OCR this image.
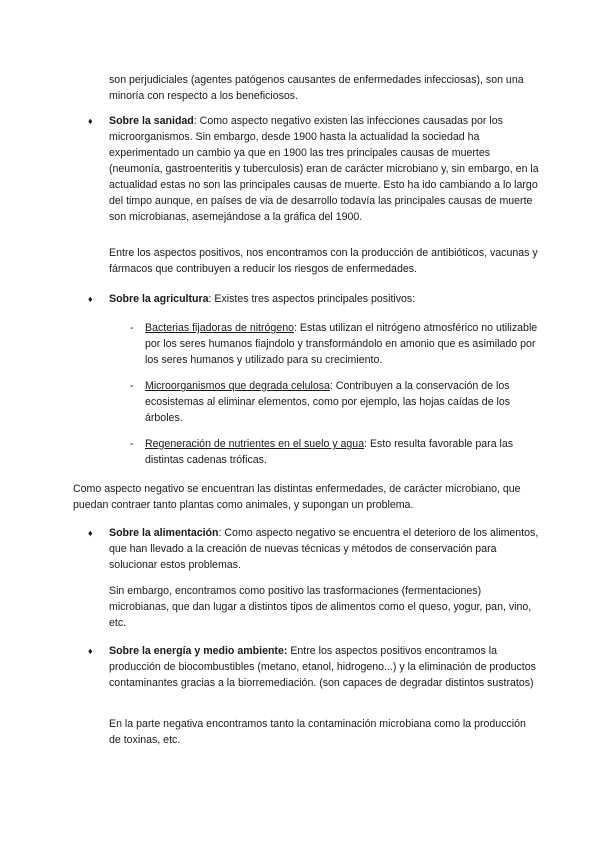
son perjudiciales (agentes patógenos causantes de enfermedades infecciosas), son una minoría con respecto a los beneficiosos.

♦ Sobre la sanidad: Como aspecto negativo existen las infecciones causadas por los microorganismos. Sin embargo, desde 1900 hasta la actualidad la sociedad ha experimentado un cambio ya que en 1900 las tres principales causas de muertes (neumonía, gastroenteritis y tuberculosis) eran de carácter microbiano y, sin embargo, en la actualidad estas no son las principales causas de muerte. Esto ha ido cambiando a lo largo del timpo aunque, en países de via de desarrollo todavía las principales causas de muerte son microbianas, asemejándose a la gráfica del 1900.

Entre los aspectos positivos, nos encontramos con la producción de antibióticos, vacunas y fármacos que contribuyen a reducir los riesgos de enfermedades.

♦ Sobre la agricultura: Existes tres aspectos principales positivos:

- Bacterias fijadoras de nitrógeno: Estas utilizan el nitrógeno atmosférico no utilizable por los seres humanos fiajndolo y transformándolo en amonio que es asimilado por los seres humanos y utilizado para su crecimiento.

- Microorganismos que degrada celulosa: Contribuyen a la conservación de los ecosistemas al eliminar elementos, como por ejemplo, las hojas caídas de los árboles.

- Regeneración de nutrientes en el suelo y agua: Esto resulta favorable para las distintas cadenas tróficas.

Como aspecto negativo se encuentran las distintas enfermedades, de carácter microbiano, que puedan contraer tanto plantas como animales, y supongan un problema.

♦ Sobre la alimentación: Como aspecto negativo se encuentra el deterioro de los alimentos, que han llevado a la creación de nuevas técnicas y métodos de conservación para solucionar estos problemas.

Sin embargo, encontramos como positivo las trasformaciones (fermentaciones) microbianas, que dan lugar a distintos tipos de alimentos como el queso, yogur, pan, vino, etc.

♦ Sobre la energía y medio ambiente: Entre los aspectos positivos encontramos la producción de biocombustibles (metano, etanol, hidrogeno...) y la eliminación de productos contaminantes gracias a la biorremediación. (son capaces de degradar distintos sustratos)

En la parte negativa encontramos tanto la contaminación microbiana como la producción de toxinas, etc.
